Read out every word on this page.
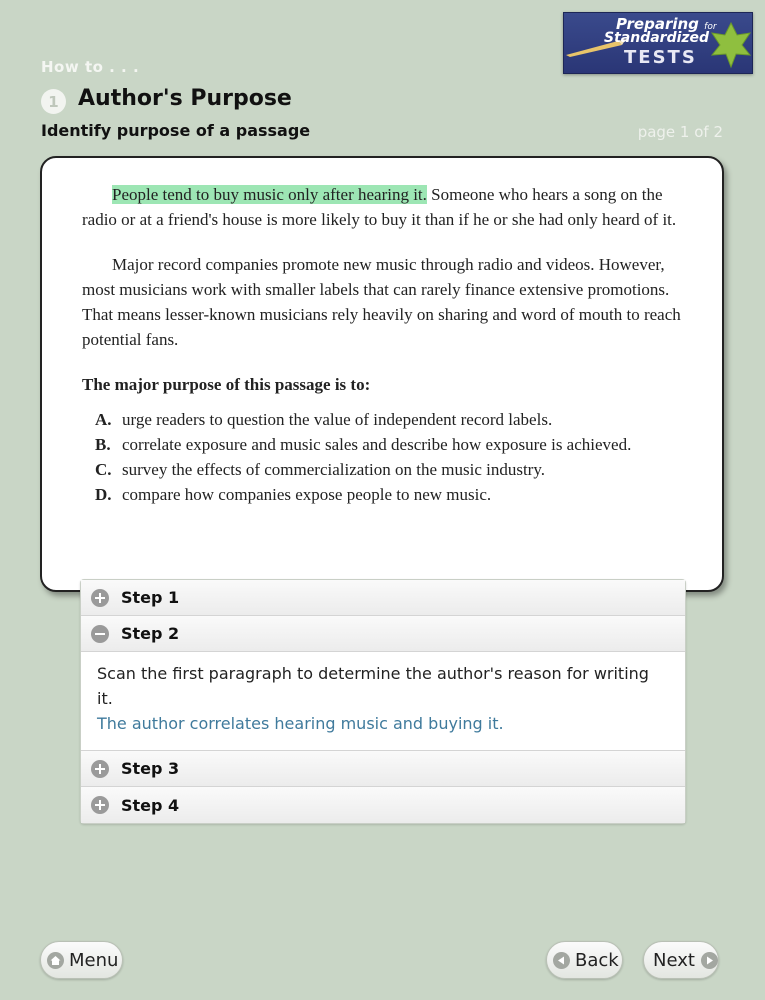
Preparing for
Standardized
TESTS
How to . . .
1 Author's Purpose
Identify purpose of a passage	page 1 of 2

People tend to buy music only after hearing it. Someone who hears a song on the radio or at a friend's house is more likely to buy it than if he or she had only heard of it.

Major record companies promote new music through radio and videos. However, most musicians work with smaller labels that can rarely finance extensive promotions. That means lesser-known musicians rely heavily on sharing and word of mouth to reach potential fans.

The major purpose of this passage is to:

A. urge readers to question the value of independent record labels.
B. correlate exposure and music sales and describe how exposure is achieved.
C. survey the effects of commercialization on the music industry.
D. compare how companies expose people to new music.
Step 1
Step 2
Scan the first paragraph to determine the author's reason for writing it.
The author correlates hearing music and buying it.
Step 3
Step 4
Menu	Back Next
